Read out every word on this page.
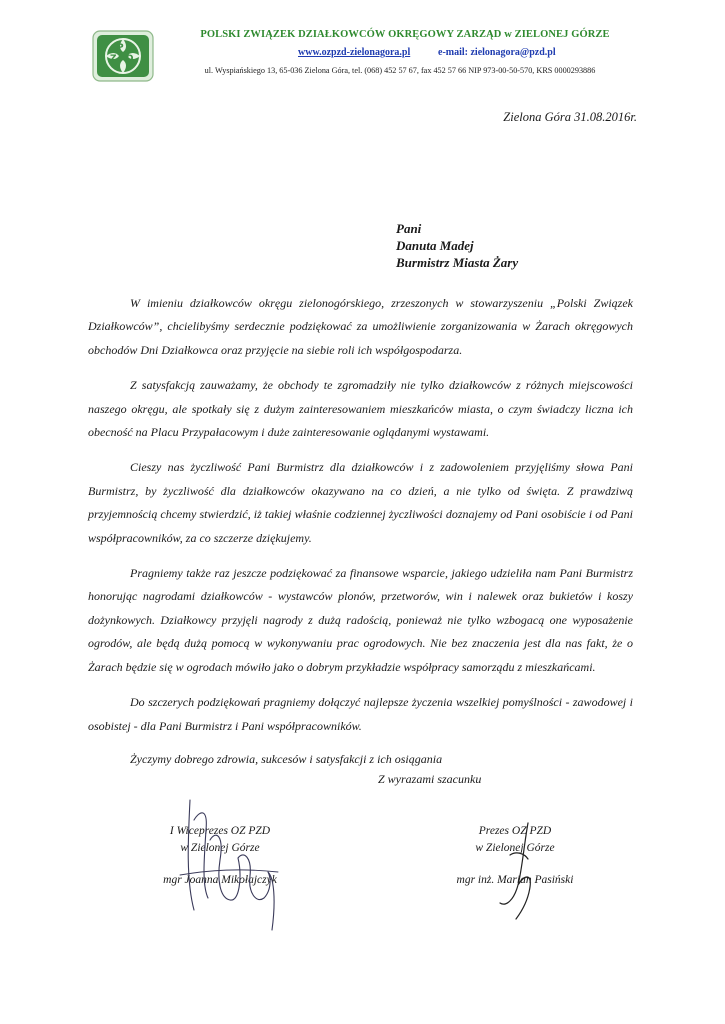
P
Z D
POLSKI ZWIĄZEK DZIAŁKOWCÓW OKRĘGOWY ZARZĄD w ZIELONEJ GÓRZE
www.ozpzd-zielonagora.pl	e-mail: zielonagora@pzd.pl
ul. Wyspiańskiego 13, 65-036 Zielona Góra, tel. (068) 452 57 67, fax 452 57 66 NIP 973-00-50-570, KRS 0000293886
Zielona Góra 31.08.2016r.
Pani
Danuta Madej
Burmistrz Miasta Żary

W imieniu działkowców okręgu zielonogórskiego, zrzeszonych w stowarzyszeniu „Polski Związek Działkowców”, chcielibyśmy serdecznie podziękować za umożliwienie zorganizowania w Żarach okręgowych obchodów Dni Działkowca oraz przyjęcie na siebie roli ich współgospodarza.

Z satysfakcją zauważamy, że obchody te zgromadziły nie tylko działkowców z różnych miejscowości naszego okręgu, ale spotkały się z dużym zainteresowaniem mieszkańców miasta, o czym świadczy liczna ich obecność na Placu Przypałacowym i duże zainteresowanie oglądanymi wystawami.

Cieszy nas życzliwość Pani Burmistrz dla działkowców i z zadowoleniem przyjęliśmy słowa Pani Burmistrz, by życzliwość dla działkowców okazywano na co dzień, a nie tylko od święta. Z prawdziwą przyjemnością chcemy stwierdzić, iż takiej właśnie codziennej życzliwości doznajemy od Pani osobiście i od Pani współpracowników, za co szczerze dziękujemy.

Pragniemy także raz jeszcze podziękować za finansowe wsparcie, jakiego udzieliła nam Pani Burmistrz honorując nagrodami działkowców - wystawców plonów, przetworów, win i nalewek oraz bukietów i koszy dożynkowych. Działkowcy przyjęli nagrody z dużą radością, ponieważ nie tylko wzbogacą one wyposażenie ogrodów, ale będą dużą pomocą w wykonywaniu prac ogrodowych. Nie bez znaczenia jest dla nas fakt, że o Żarach będzie się w ogrodach mówiło jako o dobrym przykładzie współpracy samorządu z mieszkańcami.

Do szczerych podziękowań pragniemy dołączyć najlepsze życzenia wszelkiej pomyślności - zawodowej i osobistej - dla Pani Burmistrz i Pani współpracowników.

Życzymy dobrego zdrowia, sukcesów i satysfakcji z ich osiągania

Z wyrazami szacunku
I Wiceprezes OZ PZD
w Zielonej Górze
mgr Joanna Mikołajczyk
Prezes OZ PZD
w Zielonej Górze
mgr inż. Marian Pasiński
